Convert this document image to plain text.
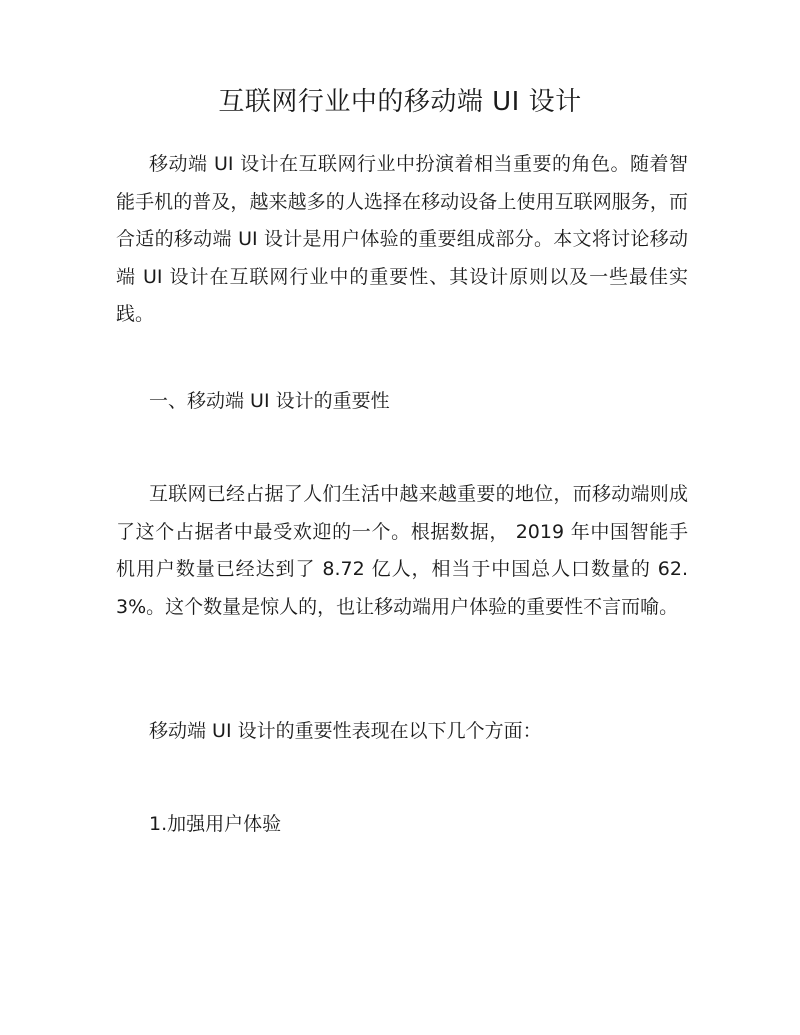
互联网行业中的移动端 UI 设计

移动端 UI 设计在互联网行业中扮演着相当重要的角色。随着智能手机的普及，越来越多的人选择在移动设备上使用互联网服务，而合适的移动端 UI 设计是用户体验的重要组成部分。本文将讨论移动端 UI 设计在互联网行业中的重要性、其设计原则以及一些最佳实践。

一、移动端 UI 设计的重要性

互联网已经占据了人们生活中越来越重要的地位，而移动端则成了这个占据者中最受欢迎的一个。根据数据， 2019 年中国智能手机用户数量已经达到了 8.72 亿人，相当于中国总人口数量的 62.3%。这个数量是惊人的，也让移动端用户体验的重要性不言而喻。

移动端 UI 设计的重要性表现在以下几个方面：

1.加强用户体验
